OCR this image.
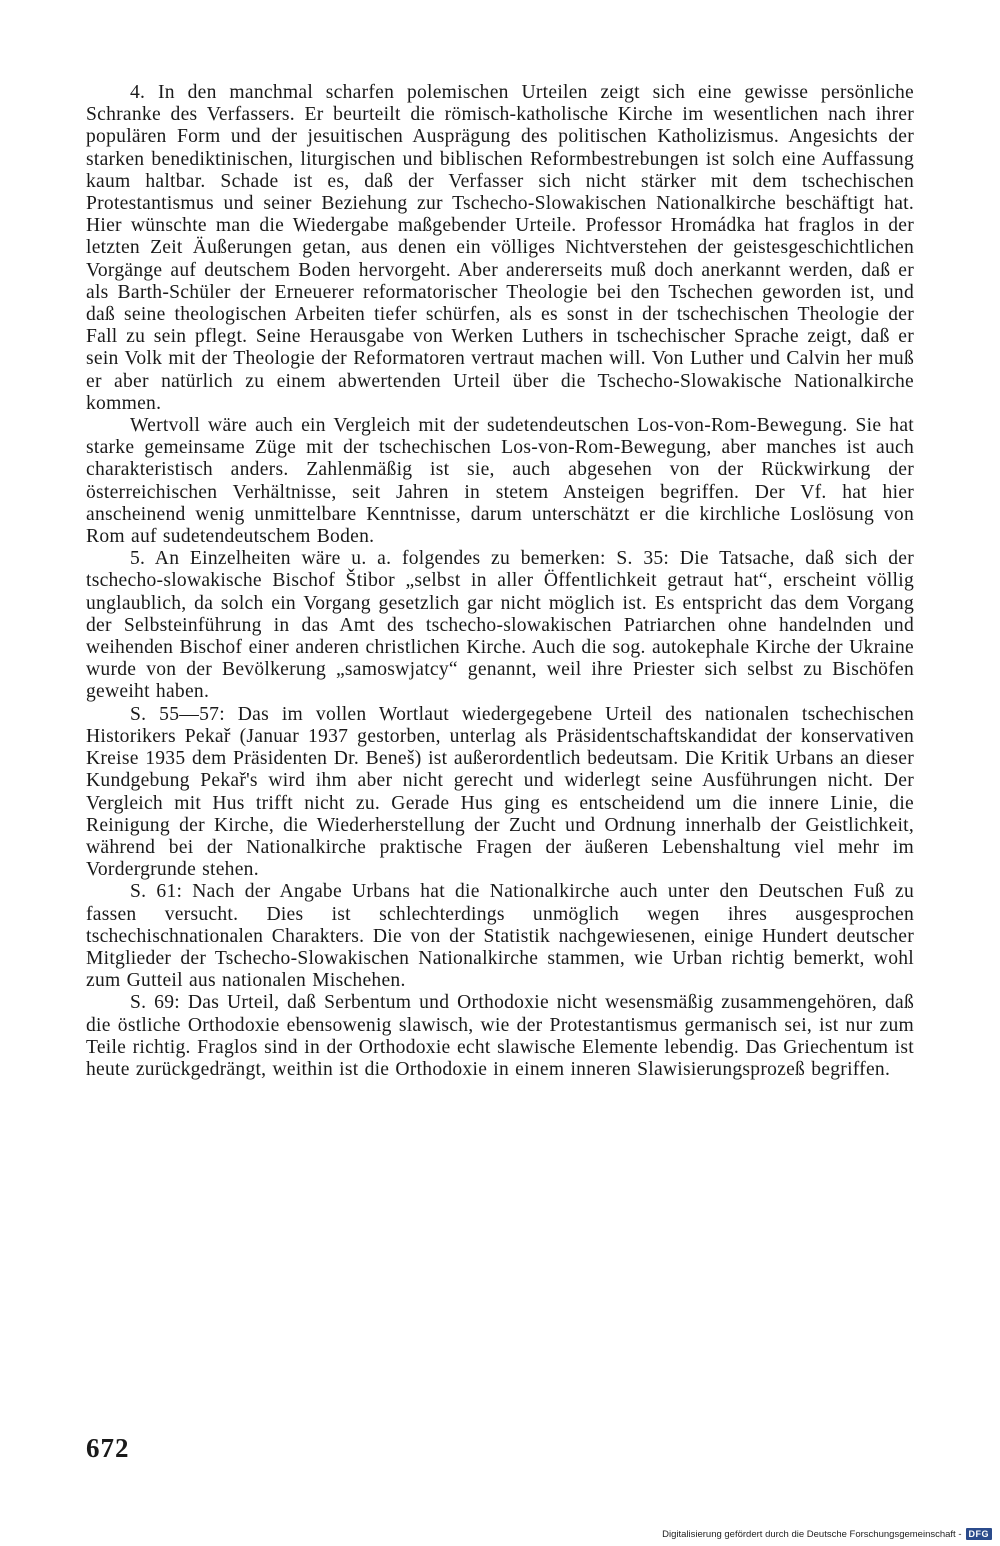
4. In den manchmal scharfen polemischen Urteilen zeigt sich eine gewisse persönliche Schranke des Verfassers. Er beurteilt die römisch-katholische Kirche im wesentlichen nach ihrer populären Form und der jesuitischen Ausprägung des politischen Katholizismus. Angesichts der starken benediktinischen, liturgischen und biblischen Reformbestrebungen ist solch eine Auffassung kaum haltbar. Schade ist es, daß der Verfasser sich nicht stärker mit dem tschechischen Protestantismus und seiner Beziehung zur Tschecho-Slowakischen Nationalkirche beschäftigt hat. Hier wünschte man die Wiedergabe maßgebender Urteile. Professor Hromádka hat fraglos in der letzten Zeit Äußerungen getan, aus denen ein völliges Nichtverstehen der geistesgeschichtlichen Vorgänge auf deutschem Boden hervorgeht. Aber andererseits muß doch anerkannt werden, daß er als Barth-Schüler der Erneuerer reformatorischer Theologie bei den Tschechen geworden ist, und daß seine theologischen Arbeiten tiefer schürfen, als es sonst in der tschechischen Theologie der Fall zu sein pflegt. Seine Herausgabe von Werken Luthers in tschechischer Sprache zeigt, daß er sein Volk mit der Theologie der Reformatoren vertraut machen will. Von Luther und Calvin her muß er aber natürlich zu einem abwertenden Urteil über die Tschecho-Slowakische Nationalkirche kommen.

Wertvoll wäre auch ein Vergleich mit der sudetendeutschen Los-von-Rom-Bewegung. Sie hat starke gemeinsame Züge mit der tschechischen Los-von-Rom-Bewegung, aber manches ist auch charakteristisch anders. Zahlenmäßig ist sie, auch abgesehen von der Rückwirkung der österreichischen Verhältnisse, seit Jahren in stetem Ansteigen begriffen. Der Vf. hat hier anscheinend wenig unmittelbare Kenntnisse, darum unterschätzt er die kirchliche Loslösung von Rom auf sudetendeutschem Boden.

5. An Einzelheiten wäre u. a. folgendes zu bemerken: S. 35: Die Tatsache, daß sich der tschecho-slowakische Bischof Štibor „selbst in aller Öffentlichkeit getraut hat“, erscheint völlig unglaublich, da solch ein Vorgang gesetzlich gar nicht möglich ist. Es entspricht das dem Vorgang der Selbsteinführung in das Amt des tschecho-slowakischen Patriarchen ohne handelnden und weihenden Bischof einer anderen christlichen Kirche. Auch die sog. autokephale Kirche der Ukraine wurde von der Bevölkerung „samoswjatcy“ genannt, weil ihre Priester sich selbst zu Bischöfen geweiht haben.

S. 55—57: Das im vollen Wortlaut wiedergegebene Urteil des nationalen tschechischen Historikers Pekař (Januar 1937 gestorben, unterlag als Präsidentschaftskandidat der konservativen Kreise 1935 dem Präsidenten Dr. Beneš) ist außerordentlich bedeutsam. Die Kritik Urbans an dieser Kundgebung Pekař's wird ihm aber nicht gerecht und widerlegt seine Ausführungen nicht. Der Vergleich mit Hus trifft nicht zu. Gerade Hus ging es entscheidend um die innere Linie, die Reinigung der Kirche, die Wiederherstellung der Zucht und Ordnung innerhalb der Geistlichkeit, während bei der Nationalkirche praktische Fragen der äußeren Lebenshaltung viel mehr im Vordergrunde stehen.

S. 61: Nach der Angabe Urbans hat die Nationalkirche auch unter den Deutschen Fuß zu fassen versucht. Dies ist schlechterdings unmöglich wegen ihres ausgesprochen tschechischnationalen Charakters. Die von der Statistik nachgewiesenen, einige Hundert deutscher Mitglieder der Tschecho-Slowakischen Nationalkirche stammen, wie Urban richtig bemerkt, wohl zum Gutteil aus nationalen Mischehen.

S. 69: Das Urteil, daß Serbentum und Orthodoxie nicht wesensmäßig zusammengehören, daß die östliche Orthodoxie ebensowenig slawisch, wie der Protestantismus germanisch sei, ist nur zum Teile richtig. Fraglos sind in der Orthodoxie echt slawische Elemente lebendig. Das Griechentum ist heute zurückgedrängt, weithin ist die Orthodoxie in einem inneren Slawisierungsprozeß begriffen.

672
Digitalisierung gefördert durch die Deutsche Forschungsgemeinschaft - DFG
